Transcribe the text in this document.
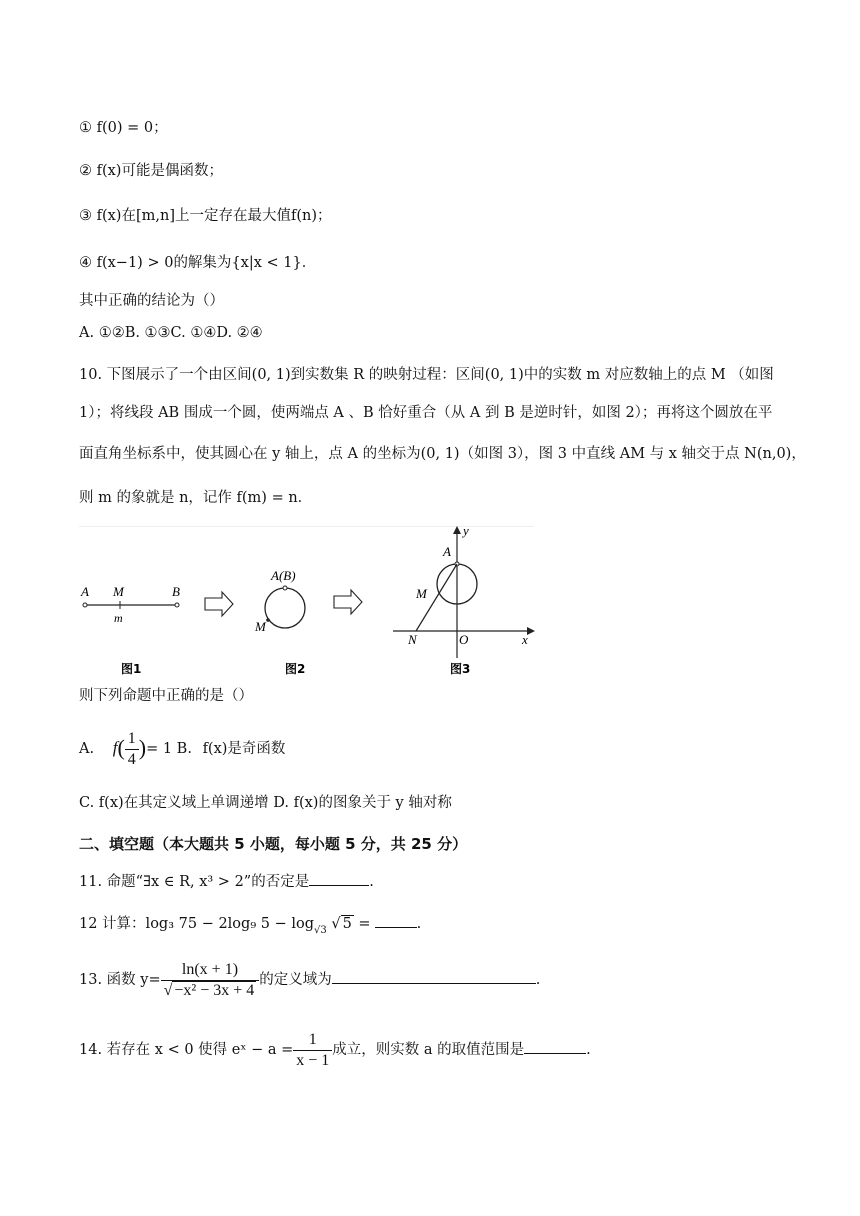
① f(0) = 0；
② f(x)可能是偶函数；
③ f(x)在[m,n]上一定存在最大值f(n)；
④ f(x−1) > 0的解集为{x|x < 1}．
其中正确的结论为（）
A. ①②B. ①③C. ①④D. ②④
10. 下图展示了一个由区间(0, 1)到实数集 R 的映射过程：区间(0, 1)中的实数 m 对应数轴上的点 M （如图
1）；将线段 AB 围成一个圆，使两端点 A 、B 恰好重合（从 A 到 B 是逆时针，如图 2）；再将这个圆放在平
面直角坐标系中，使其圆心在 y 轴上，点 A 的坐标为(0, 1)（如图 3），图 3 中直线 AM 与 x 轴交于点 N(n,0)，
则 m 的象就是 n，记作 f(m) = n．
A M	B
m
A(B)
M
y
A
M
N	O	x
图1	图2	图3
则下列命题中正确的是（）
A. $f( \frac{1}{4}$ )= 1 B. f(x)是奇函数
C. f(x)在其定义域上单调递增 D. f(x)的图象关于 y 轴对称
二、填空题（本大题共 5 小题，每小题 5 分，共 25 分）
11. 命题“∃x ∈ R, x³ > 2”的否定是	.
12 计算：log₃ 75 − 2log₉ $5 - \log_{√3}$ √ 5 =	.
13. 函数 $y= \frac{\ln(x + 1)}{\text{√ −x² − 3x + 4}}$ 的定义域为	.
14. 若存在 x < 0 使得 eˣ − $a = \frac{1}{x - 1}$ 成立，则实数 a 的取值范围是	.
